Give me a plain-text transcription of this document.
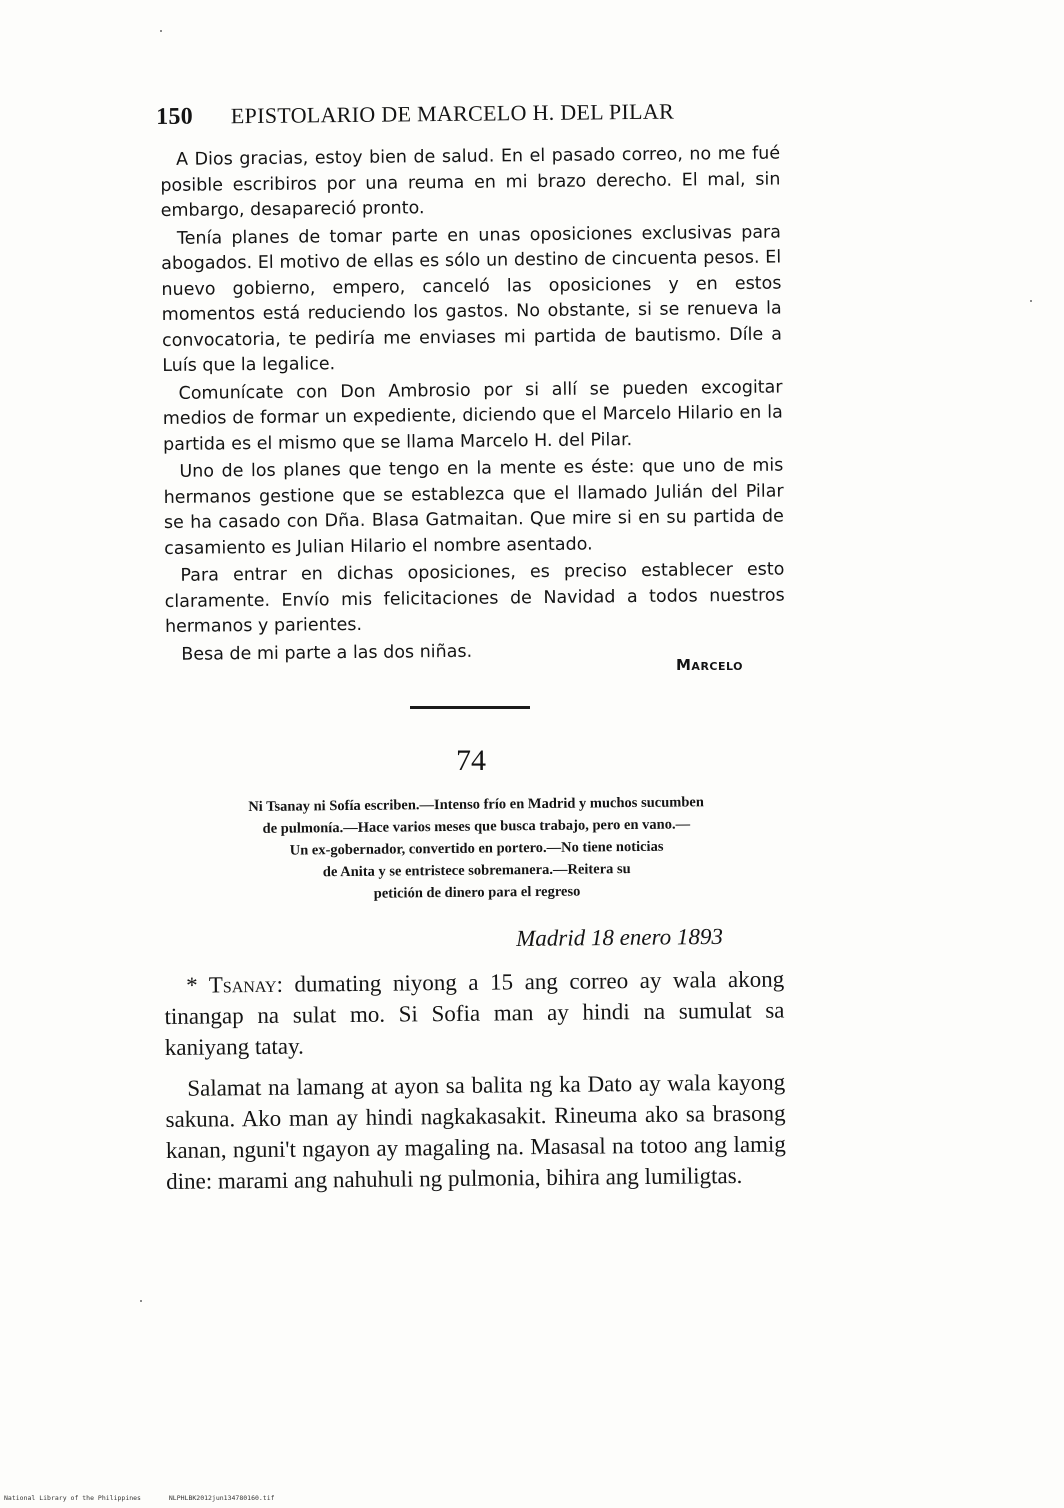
150 EPISTOLARIO DE MARCELO H. DEL PILAR

A Dios gracias, estoy bien de salud. En el pasado correo, no me fué posible escribiros por una reuma en mi brazo derecho. El mal, sin embargo, desapareció pronto.

Tenía planes de tomar parte en unas oposiciones exclusivas para abogados. El motivo de ellas es sólo un destino de cincuenta pesos. El nuevo gobierno, empero, canceló las oposiciones y en estos momentos está reduciendo los gastos. No obstante, si se renueva la convocatoria, te pediría me enviases mi partida de bautismo. Díle a Luís que la legalice.

Comunícate con Don Ambrosio por si allí se pueden excogitar medios de formar un expediente, diciendo que el Marcelo Hilario en la partida es el mismo que se llama Marcelo H. del Pilar.

Uno de los planes que tengo en la mente es éste: que uno de mis hermanos gestione que se establezca que el llamado Julián del Pilar se ha casado con Dña. Blasa Gatmaitan. Que mire si en su partida de casamiento es Julian Hilario el nombre asentado.

Para entrar en dichas oposiciones, es preciso establecer esto claramente. Envío mis felicitaciones de Navidad a todos nuestros hermanos y parientes.

Besa de mi parte a las dos niñas.

Marcelo
74
Ni Tsanay ni Sofía escriben.—Intenso frío en Madrid y muchos sucumben
de pulmonía.—Hace varios meses que busca trabajo, pero en vano.—
Un ex-gobernador, convertido en portero.—No tiene noticias
de Anita y se entristece sobremanera.—Reitera su
petición de dinero para el regreso
Madrid 18 enero 1893

* Tsanay: dumating niyong a 15 ang correo ay wala akong tinangap na sulat mo. Si Sofia man ay hindi na sumulat sa kaniyang tatay.

Salamat na lamang at ayon sa balita ng ka Dato ay wala kayong sakuna. Ako man ay hindi nagkakasakit. Rineuma ako sa brasong kanan, nguni't ngayon ay magaling na. Masasal na totoo ang lamig dine: marami ang nahuhuli ng pulmonia, bihira ang lumiligtas.

National Library of the Philippines	NLPHLBK2012jun134780160.tif
